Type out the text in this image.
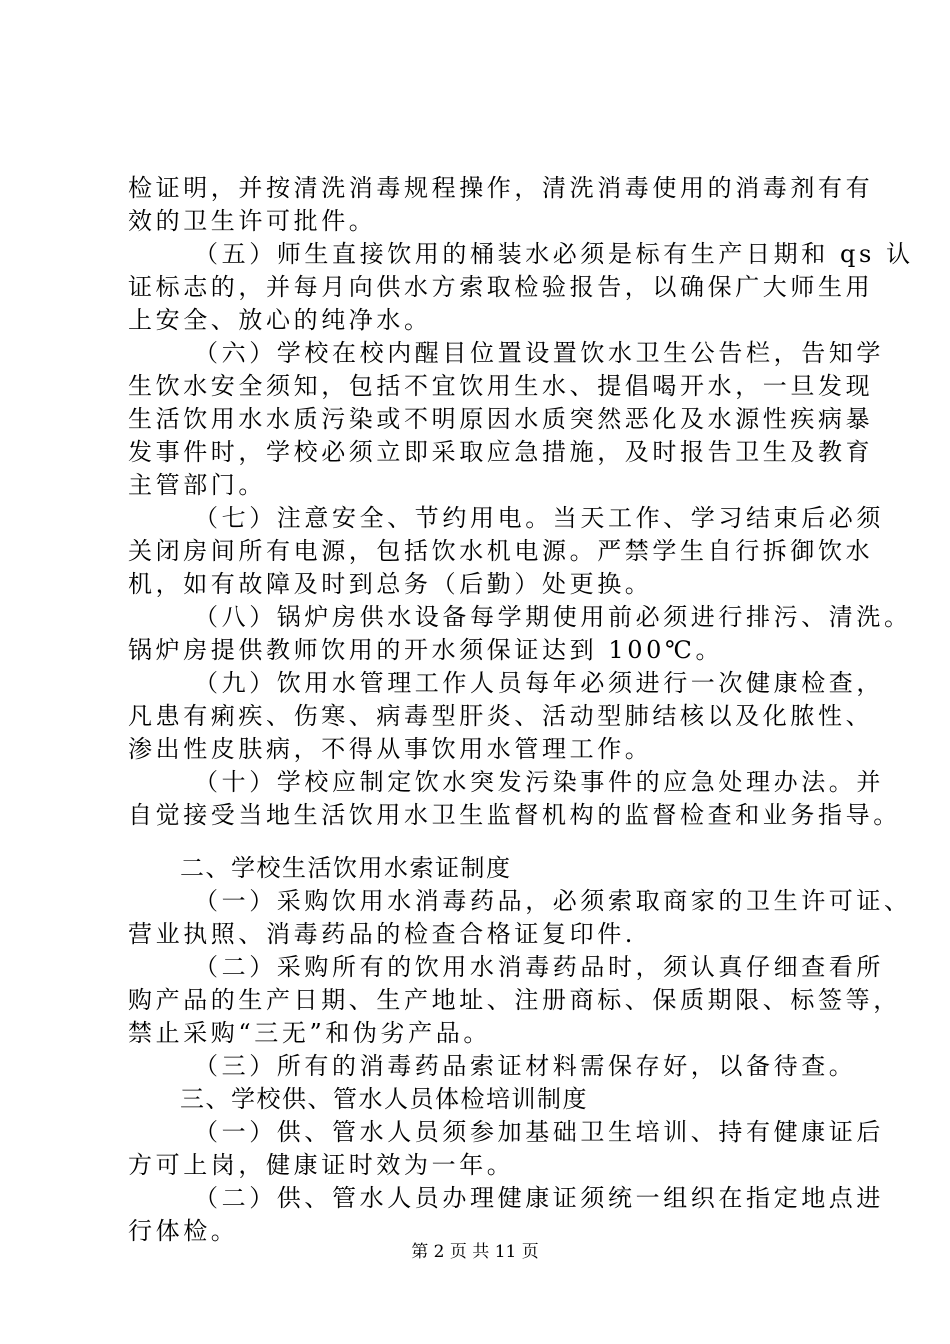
检证明，并按清洗消毒规程操作，清洗消毒使用的消毒剂有有
效的卫生许可批件。
（五）师生直接饮用的桶装水必须是标有生产日期和 qs 认
证标志的，并每月向供水方索取检验报告，以确保广大师生用
上安全、放心的纯净水。
（六）学校在校内醒目位置设置饮水卫生公告栏，告知学
生饮水安全须知，包括不宜饮用生水、提倡喝开水，一旦发现
生活饮用水水质污染或不明原因水质突然恶化及水源性疾病暴
发事件时，学校必须立即采取应急措施，及时报告卫生及教育
主管部门。
（七）注意安全、节约用电。当天工作、学习结束后必须
关闭房间所有电源，包括饮水机电源。严禁学生自行拆御饮水
机，如有故障及时到总务（后勤）处更换。
（八）锅炉房供水设备每学期使用前必须进行排污、清洗。
锅炉房提供教师饮用的开水须保证达到 100℃。
（九）饮用水管理工作人员每年必须进行一次健康检查，
凡患有痢疾、伤寒、病毒型肝炎、活动型肺结核以及化脓性、
渗出性皮肤病，不得从事饮用水管理工作。
（十）学校应制定饮水突发污染事件的应急处理办法。并
自觉接受当地生活饮用水卫生监督机构的监督检查和业务指导。
二、学校生活饮用水索证制度
（一）采购饮用水消毒药品，必须索取商家的卫生许可证、
营业执照、消毒药品的检查合格证复印件.
（二）采购所有的饮用水消毒药品时，须认真仔细查看所
购产品的生产日期、生产地址、注册商标、保质期限、标签等，
禁止采购“三无”和伪劣产品。
（三）所有的消毒药品索证材料需保存好，以备待查。
三、学校供、管水人员体检培训制度
（一）供、管水人员须参加基础卫生培训、持有健康证后
方可上岗，健康证时效为一年。
（二）供、管水人员办理健康证须统一组织在指定地点进
行体检。
第 2 页 共 11 页
